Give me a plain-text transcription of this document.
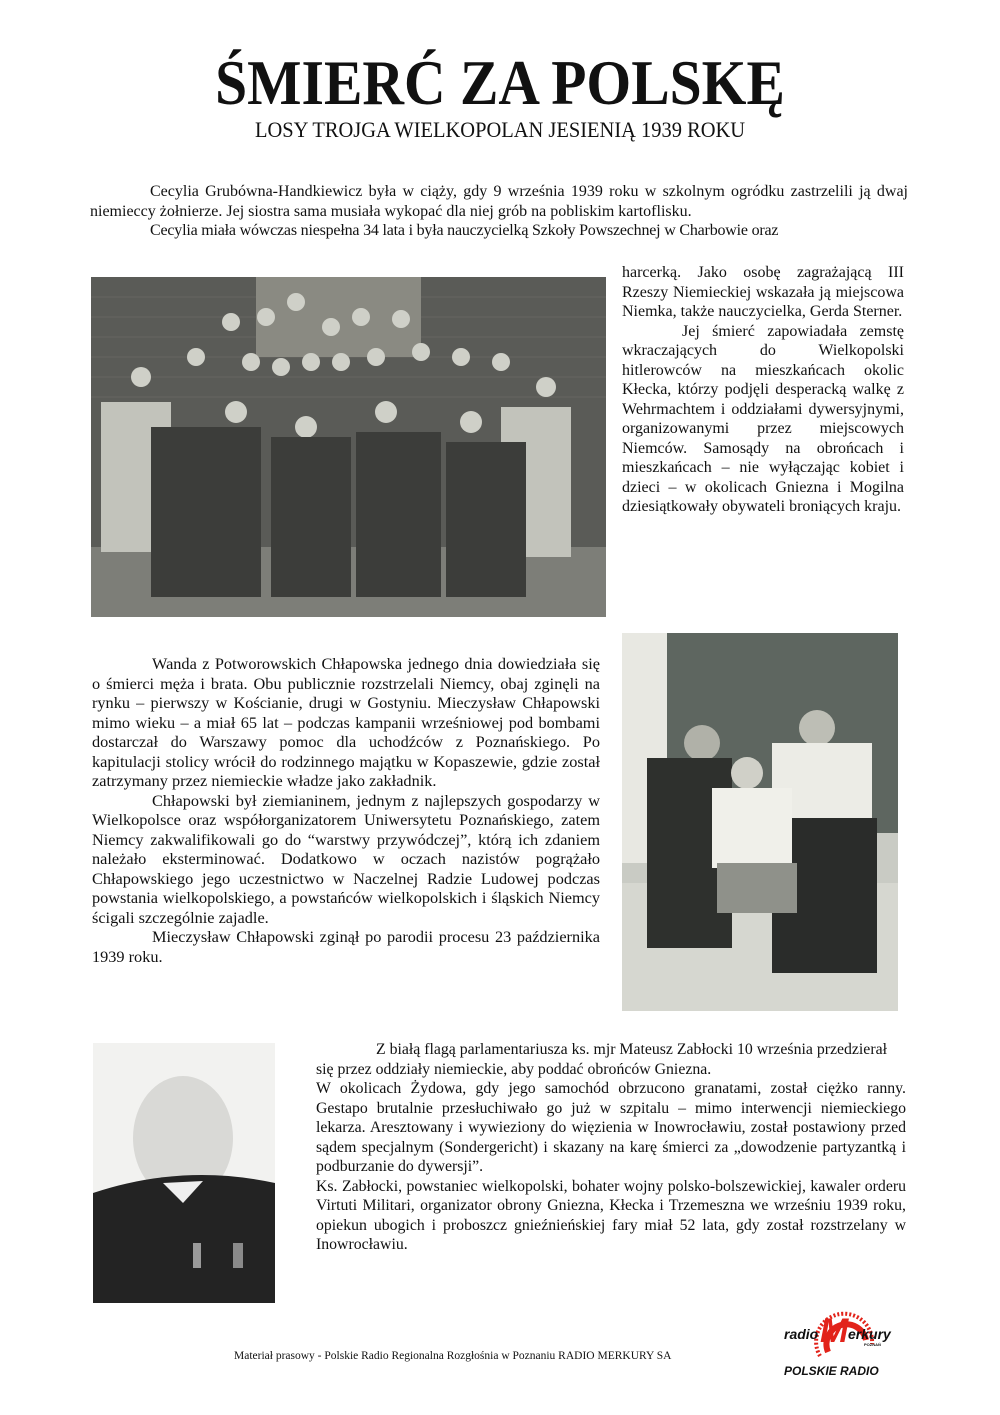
ŚMIERĆ ZA POLSKĘ
LOSY TROJGA WIELKOPOLAN JESIENIĄ 1939 ROKU

Cecylia Grubówna-Handkiewicz była w ciąży, gdy 9 września 1939 roku w szkolnym ogródku zastrzelili ją dwaj niemieccy żołnierze. Jej siostra sama musiała wykopać dla niej grób na pobliskim kartoflisku.

Cecylia miała wówczas niespełna 34 lata i była nauczycielką Szkoły Powszechnej w Charbowie oraz

harcerką. Jako osobę zagrażającą III Rzeszy Niemieckiej wskazała ją miejscowa Niemka, także nauczycielka, Gerda Sterner.

Jej śmierć zapowiadała zemstę wkraczających do Wielkopolski hitlerowców na mieszkańcach okolic Kłecka, którzy podjęli desperacką walkę z Wehrmachtem i oddziałami dywersyjnymi, organizowanymi przez miejscowych Niemców. Samosądy na obrońcach i mieszkańcach – nie wyłączając kobiet i dzieci – w okolicach Gniezna i Mogilna dziesiątkowały obywateli broniących kraju.

Wanda z Potworowskich Chłapowska jednego dnia dowiedziała się o śmierci męża i brata. Obu publicznie rozstrzelali Niemcy, obaj zginęli na rynku – pierwszy w Kościanie, drugi w Gostyniu. Mieczysław Chłapowski mimo wieku – a miał 65 lat – podczas kampanii wrześniowej pod bombami dostarczał do Warszawy pomoc dla uchodźców z Poznańskiego. Po kapitulacji stolicy wrócił do rodzinnego majątku w Kopaszewie, gdzie został zatrzymany przez niemieckie władze jako zakładnik.

Chłapowski był ziemianinem, jednym z najlepszych gospodarzy w Wielkopolsce oraz współorganizatorem Uniwersytetu Poznańskiego, zatem Niemcy zakwalifikowali go do “warstwy przywódczej”, którą ich zdaniem należało eksterminować. Dodatkowo w oczach nazistów pogrążało Chłapowskiego jego uczestnictwo w Naczelnej Radzie Ludowej podczas powstania wielkopolskiego, a powstańców wielkopolskich i śląskich Niemcy ścigali szczególnie zajadle.

Mieczysław Chłapowski zginął po parodii procesu 23 października 1939 roku.

Z białą flagą parlamentariusza ks. mjr Mateusz Zabłocki 10 września przedzierał się przez oddziały niemieckie, aby poddać obrońców Gniezna.

W okolicach Żydowa, gdy jego samochód obrzucono granatami, został ciężko ranny. Gestapo brutalnie przesłuchiwało go już w szpitalu – mimo interwencji niemieckiego lekarza. Aresztowany i wywieziony do więzienia w Inowrocławiu, został postawiony przed sądem specjalnym (Sondergericht) i skazany na karę śmierci za „dowodzenie partyzantką i podburzanie do dywersji”.

Ks. Zabłocki, powstaniec wielkopolski, bohater wojny polsko-bolszewickiej, kawaler orderu Virtuti Militari, organizator obrony Gniezna, Kłecka i Trzemeszna we wrześniu 1939 roku, opiekun ubogich i proboszcz gnieźnieńskiej fary miał 52 lata, gdy został rozstrzelany w Inowrocławiu.

Materiał prasowy - Polskie Radio Regionalna Rozgłośnia w Poznaniu RADIO MERKURY SA
radio M erkury
POZNAŃ
POLSKIE RADIO
